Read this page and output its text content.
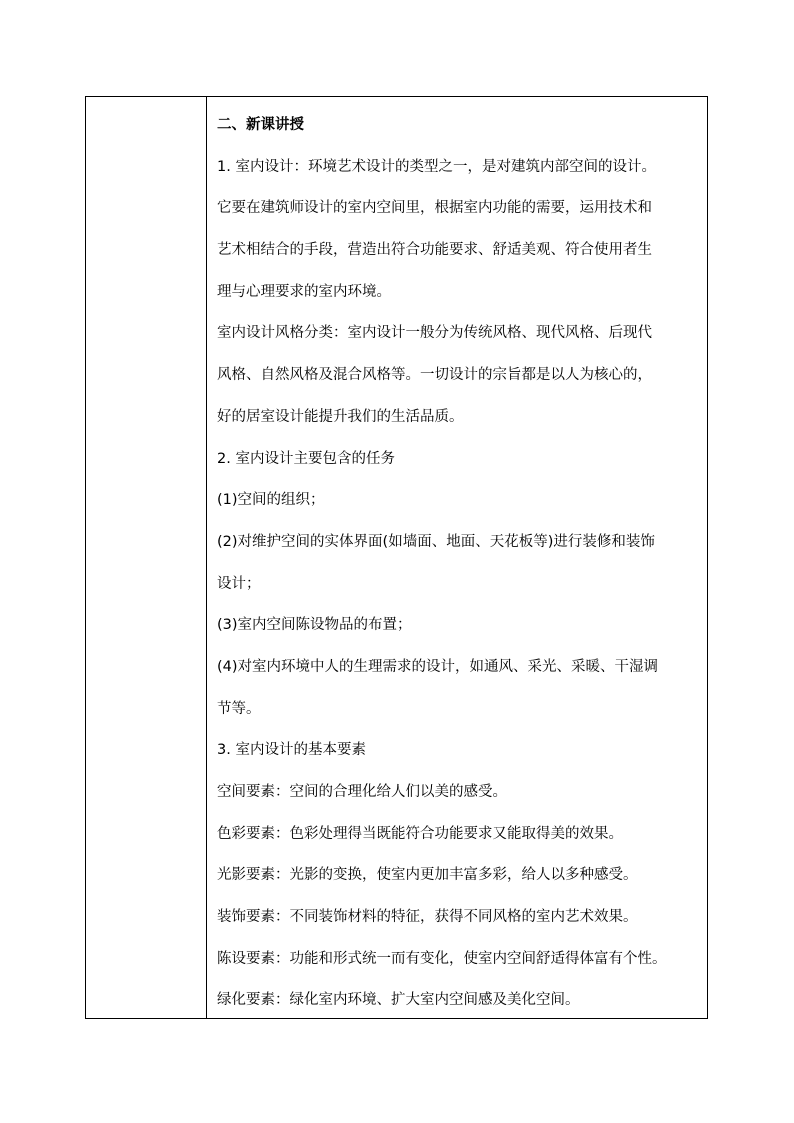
二、新课讲授
1. 室内设计：环境艺术设计的类型之一，是对建筑内部空间的设计。
它要在建筑师设计的室内空间里，根据室内功能的需要，运用技术和
艺术相结合的手段，营造出符合功能要求、舒适美观、符合使用者生
理与心理要求的室内环境。
室内设计风格分类：室内设计一般分为传统风格、现代风格、后现代
风格、自然风格及混合风格等。一切设计的宗旨都是以人为核心的，
好的居室设计能提升我们的生活品质。
2. 室内设计主要包含的任务
(1)空间的组织；
(2)对维护空间的实体界面(如墙面、地面、天花板等)进行装修和装饰
设计；
(3)室内空间陈设物品的布置；
(4)对室内环境中人的生理需求的设计，如通风、采光、采暖、干湿调
节等。
3. 室内设计的基本要素
空间要素：空间的合理化给人们以美的感受。
色彩要素：色彩处理得当既能符合功能要求又能取得美的效果。
光影要素：光影的变换，使室内更加丰富多彩，给人以多种感受。
装饰要素：不同装饰材料的特征，获得不同风格的室内艺术效果。
陈设要素：功能和形式统一而有变化，使室内空间舒适得体富有个性。
绿化要素：绿化室内环境、扩大室内空间感及美化空间。
